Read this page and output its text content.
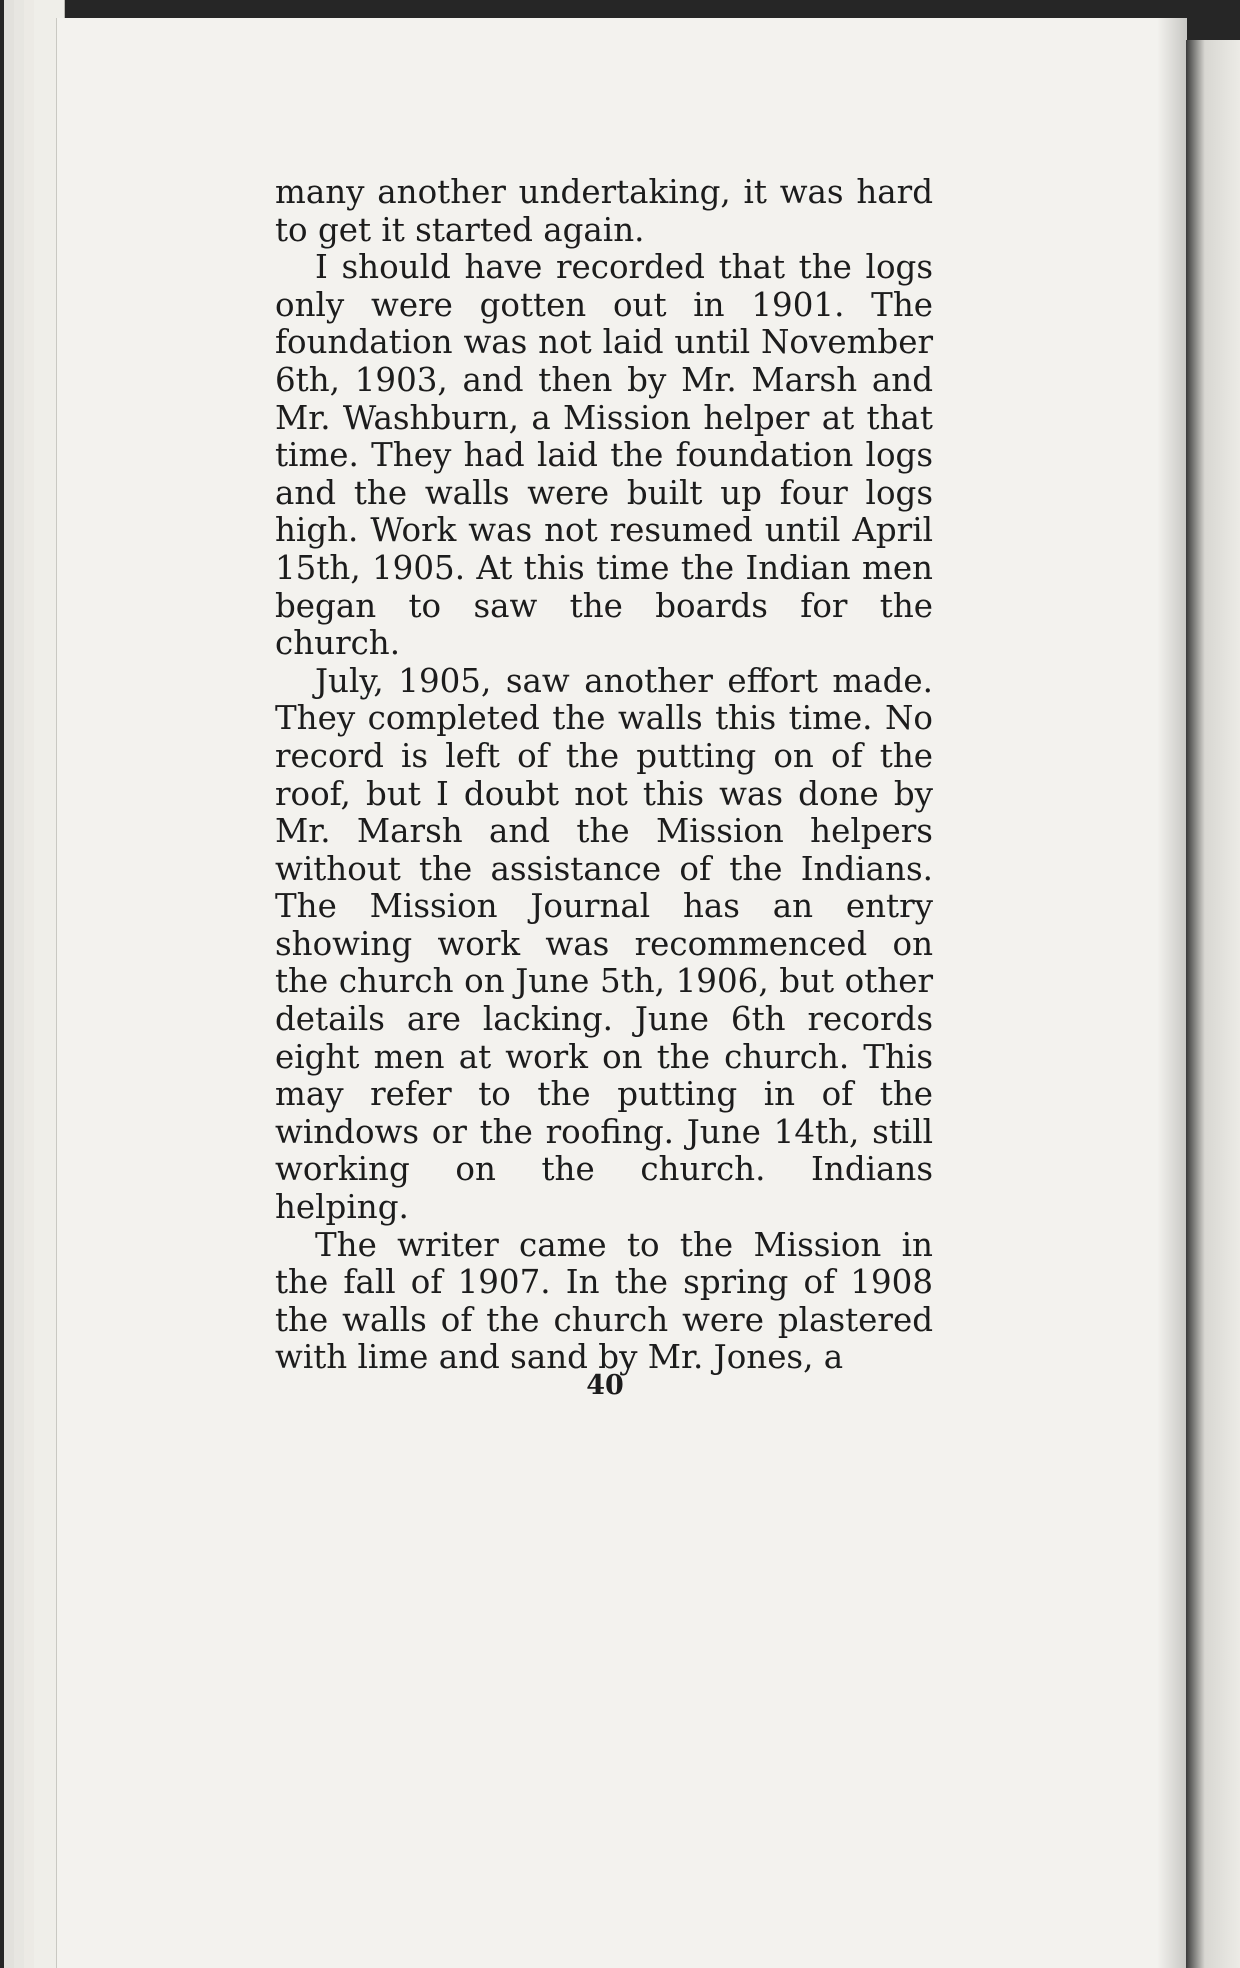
many another undertaking, it was hard to get it started again.

I should have recorded that the logs only were gotten out in 1901. The foundation was not laid until November 6th, 1903, and then by Mr. Marsh and Mr. Washburn, a Mission helper at that time. They had laid the foundation logs and the walls were built up four logs high. Work was not resumed until April 15th, 1905. At this time the Indian men began to saw the boards for the church.

July, 1905, saw another effort made. They completed the walls this time. No record is left of the putting on of the roof, but I doubt not this was done by Mr. Marsh and the Mission helpers without the assistance of the Indians. The Mission Journal has an entry showing work was recommenced on the church on June 5th, 1906, but other details are lacking. June 6th records eight men at work on the church. This may refer to the putting in of the windows or the roofing. June 14th, still working on the church. Indians helping.

The writer came to the Mission in the fall of 1907. In the spring of 1908 the walls of the church were plastered with lime and sand by Mr. Jones, a

40
